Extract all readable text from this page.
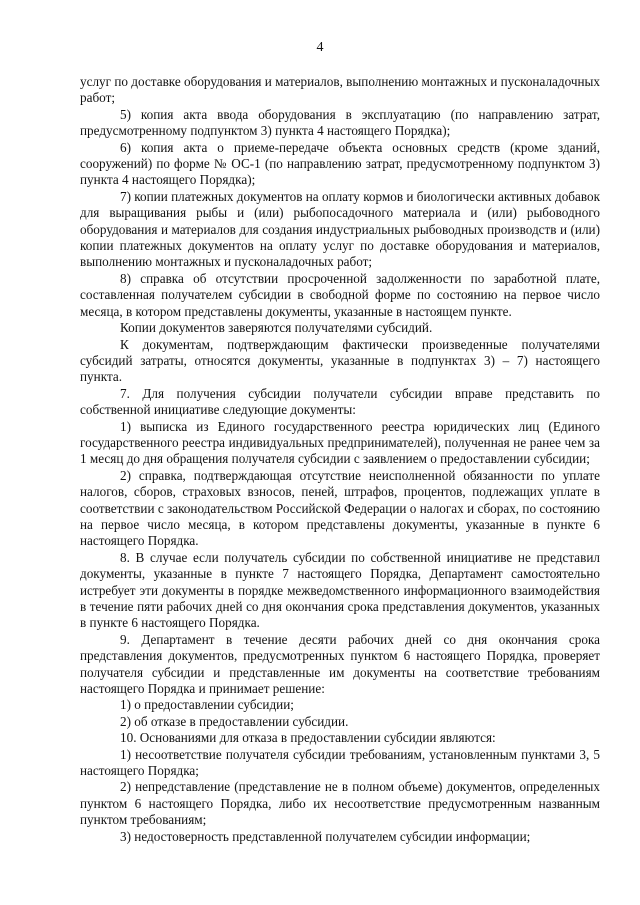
4

услуг по доставке оборудования и материалов, выполнению монтажных и пусконаладочных работ;

5) копия акта ввода оборудования в эксплуатацию (по направлению затрат, предусмотренному подпунктом 3) пункта 4 настоящего Порядка);

6) копия акта о приеме-передаче объекта основных средств (кроме зданий, сооружений) по форме № ОС-1 (по направлению затрат, предусмотренному подпунктом 3) пункта 4 настоящего Порядка);

7) копии платежных документов на оплату кормов и биологически активных добавок для выращивания рыбы и (или) рыбопосадочного материала и (или) рыбоводного оборудования и материалов для создания индустриальных рыбоводных производств и (или) копии платежных документов на оплату услуг по доставке оборудования и материалов, выполнению монтажных и пусконаладочных работ;

8) справка об отсутствии просроченной задолженности по заработной плате, составленная получателем субсидии в свободной форме по состоянию на первое число месяца, в котором представлены документы, указанные в настоящем пункте.

Копии документов заверяются получателями субсидий.

К документам, подтверждающим фактически произведенные получателями субсидий затраты, относятся документы, указанные в подпунктах 3) – 7) настоящего пункта.

7. Для получения субсидии получатели субсидии вправе представить по собственной инициативе следующие документы:

1) выписка из Единого государственного реестра юридических лиц (Единого государственного реестра индивидуальных предпринимателей), полученная не ранее чем за 1 месяц до дня обращения получателя субсидии с заявлением о предоставлении субсидии;

2) справка, подтверждающая отсутствие неисполненной обязанности по уплате налогов, сборов, страховых взносов, пеней, штрафов, процентов, подлежащих уплате в соответствии с законодательством Российской Федерации о налогах и сборах, по состоянию на первое число месяца, в котором представлены документы, указанные в пункте 6 настоящего Порядка.

8. В случае если получатель субсидии по собственной инициативе не представил документы, указанные в пункте 7 настоящего Порядка, Департамент самостоятельно истребует эти документы в порядке межведомственного информационного взаимодействия в течение пяти рабочих дней со дня окончания срока представления документов, указанных в пункте 6 настоящего Порядка.

9. Департамент в течение десяти рабочих дней со дня окончания срока представления документов, предусмотренных пунктом 6 настоящего Порядка, проверяет получателя субсидии и представленные им документы на соответствие требованиям настоящего Порядка и принимает решение:

1) о предоставлении субсидии;

2) об отказе в предоставлении субсидии.

10. Основаниями для отказа в предоставлении субсидии являются:

1) несоответствие получателя субсидии требованиям, установленным пунктами 3, 5 настоящего Порядка;

2) непредставление (представление не в полном объеме) документов, определенных пунктом 6 настоящего Порядка, либо их несоответствие предусмотренным названным пунктом требованиям;

3) недостоверность представленной получателем субсидии информации;
